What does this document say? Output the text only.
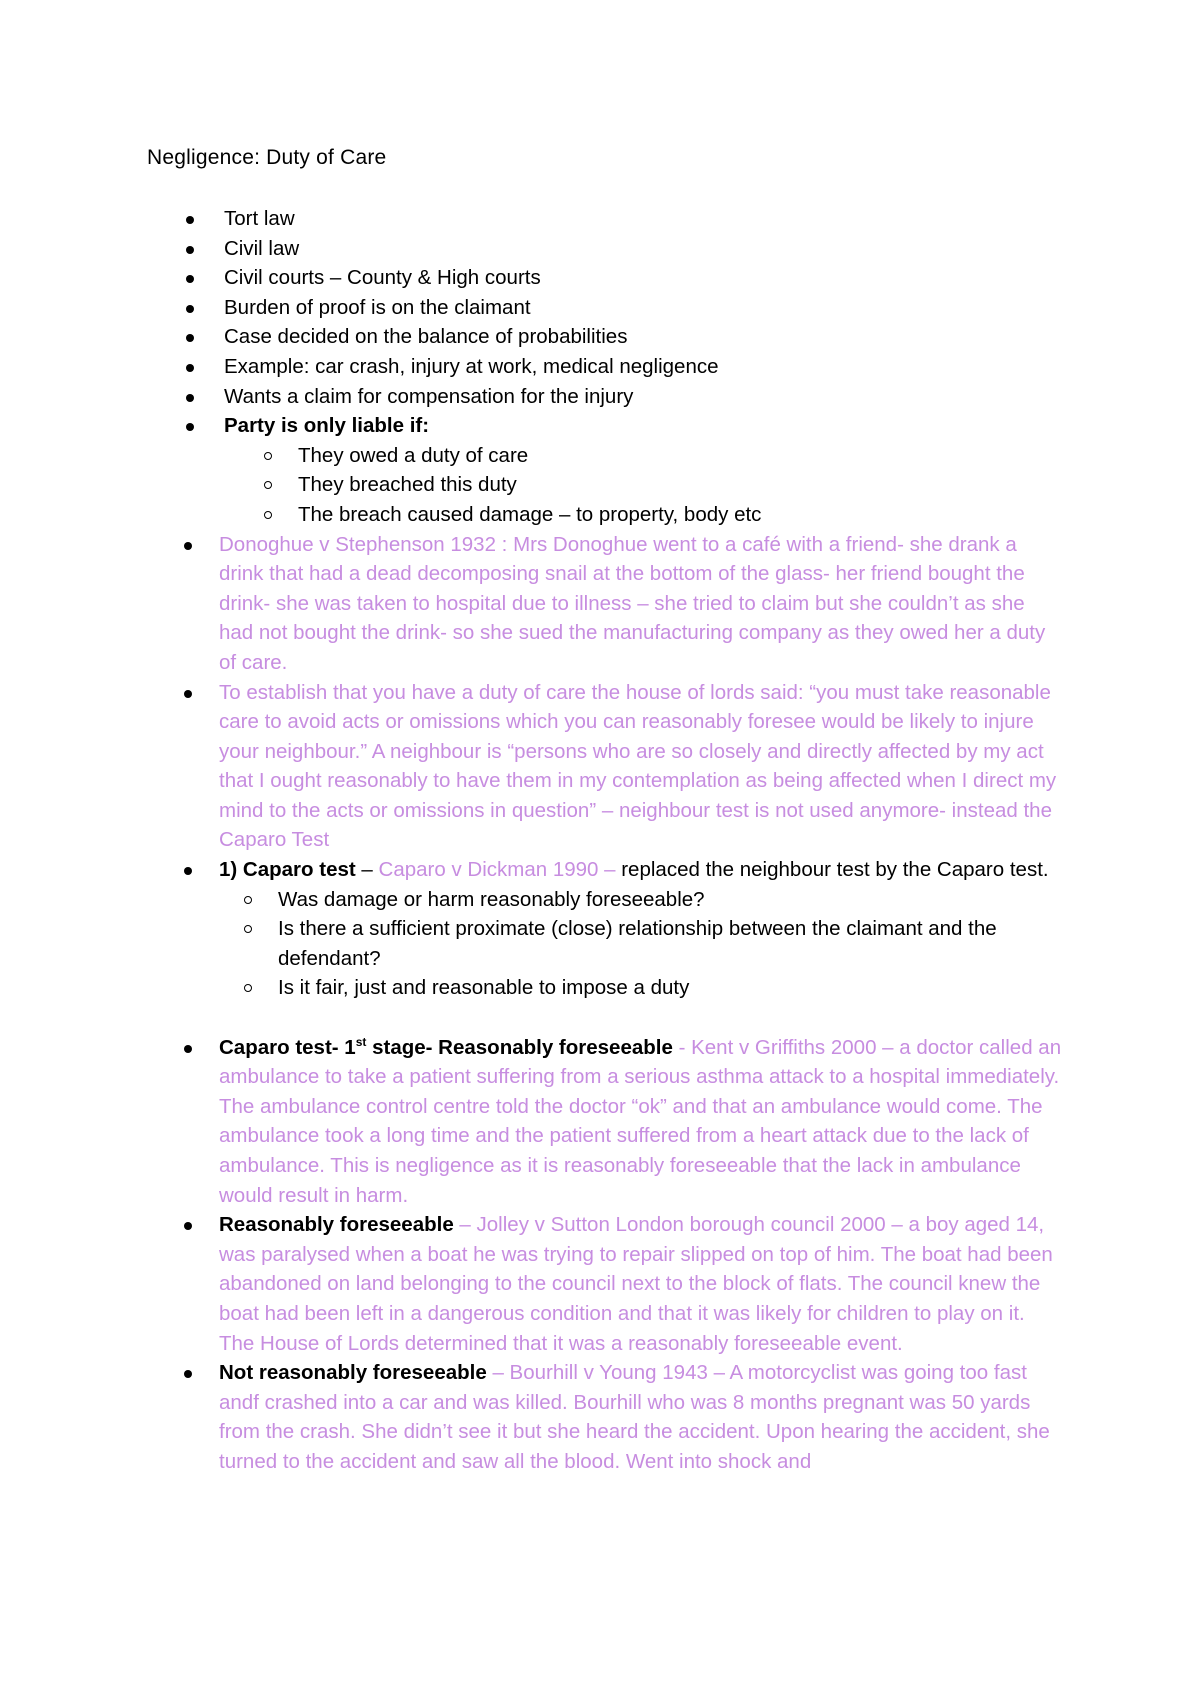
Negligence: Duty of Care
Tort law
Civil law
Civil courts – County & High courts
Burden of proof is on the claimant
Case decided on the balance of probabilities
Example: car crash, injury at work, medical negligence
Wants a claim for compensation for the injury
Party is only liable if:
They owed a duty of care
They breached this duty
The breach caused damage – to property, body etc
Donoghue v Stephenson 1932 : Mrs Donoghue went to a café with a friend- she drank a drink that had a dead decomposing snail at the bottom of the glass- her friend bought the drink- she was taken to hospital due to illness – she tried to claim but she couldn’t as she had not bought the drink- so she sued the manufacturing company as they owed her a duty of care.
To establish that you have a duty of care the house of lords said: “you must take reasonable care to avoid acts or omissions which you can reasonably foresee would be likely to injure your neighbour.” A neighbour is “persons who are so closely and directly affected by my act that I ought reasonably to have them in my contemplation as being affected when I direct my mind to the acts or omissions in question” – neighbour test is not used anymore- instead the Caparo Test
1) Caparo test – Caparo v Dickman 1990 – replaced the neighbour test by the Caparo test.
Was damage or harm reasonably foreseeable?
Is there a sufficient proximate (close) relationship between the claimant and the defendant?
Is it fair, just and reasonable to impose a duty
Caparo test- 1st stage- Reasonably foreseeable - Kent v Griffiths 2000 – a doctor called an ambulance to take a patient suffering from a serious asthma attack to a hospital immediately. The ambulance control centre told the doctor “ok” and that an ambulance would come. The ambulance took a long time and the patient suffered from a heart attack due to the lack of ambulance. This is negligence as it is reasonably foreseeable that the lack in ambulance would result in harm.
Reasonably foreseeable – Jolley v Sutton London borough council 2000 – a boy aged 14, was paralysed when a boat he was trying to repair slipped on top of him. The boat had been abandoned on land belonging to the council next to the block of flats. The council knew the boat had been left in a dangerous condition and that it was likely for children to play on it. The House of Lords determined that it was a reasonably foreseeable event.
Not reasonably foreseeable – Bourhill v Young 1943 – A motorcyclist was going too fast andf crashed into a car and was killed. Bourhill who was 8 months pregnant was 50 yards from the crash. She didn’t see it but she heard the accident. Upon hearing the accident, she turned to the accident and saw all the blood. Went into shock and
